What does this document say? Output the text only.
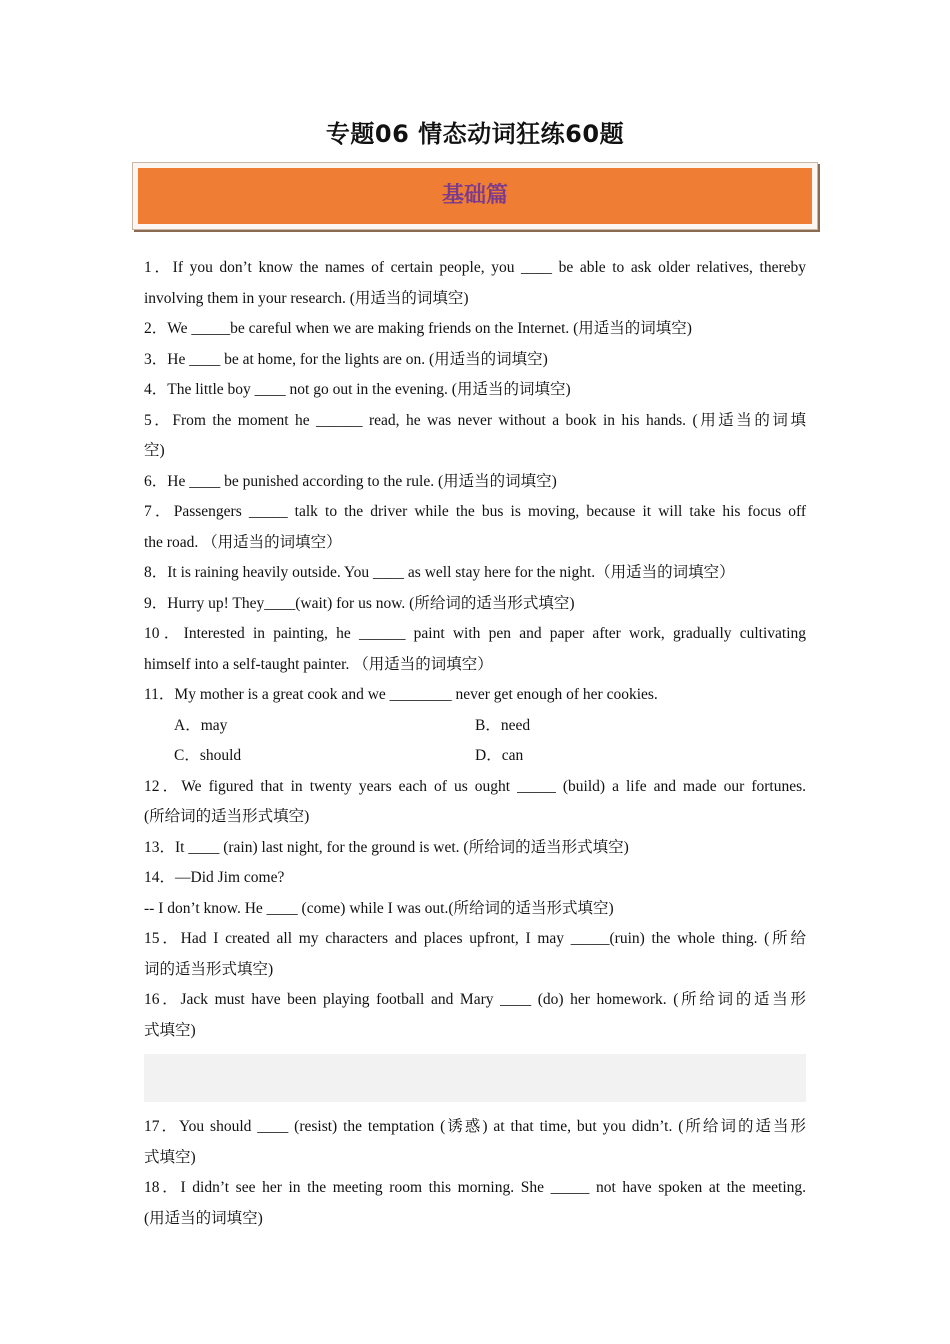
专题06 情态动词狂练60题
基础篇
1．If you don’t know the names of certain people, you ____ be able to ask older relatives, thereby
involving them in your research. (用适当的词填空)
2．We _____be careful when we are making friends on the Internet. (用适当的词填空)
3．He ____ be at home, for the lights are on. (用适当的词填空)
4．The little boy ____ not go out in the evening. (用适当的词填空)
5．From the moment he ______ read, he was never without a book in his hands. (用适当的词填
空)
6．He ____ be punished according to the rule. (用适当的词填空)
7．Passengers _____ talk to the driver while the bus is moving, because it will take his focus off
the road. （用适当的词填空）
8．It is raining heavily outside. You ____ as well stay here for the night.（用适当的词填空）
9．Hurry up! They____(wait) for us now. (所给词的适当形式填空)
10．Interested in painting, he ______ paint with pen and paper after work, gradually cultivating
himself into a self-taught painter. （用适当的词填空）
11．My mother is a great cook and we ________ never get enough of her cookies.
A．may	B．need
C．should	D．can
12．We figured that in twenty years each of us ought _____ (build) a life and made our fortunes.
(所给词的适当形式填空)
13．It ____ (rain) last night, for the ground is wet. (所给词的适当形式填空)
14．—Did Jim come?
-- I don’t know. He ____ (come) while I was out.(所给词的适当形式填空)
15．Had I created all my characters and places upfront, I may _____(ruin) the whole thing. (所给
词的适当形式填空)
16．Jack must have been playing football and Mary ____ (do) her homework. (所给词的适当形
式填空)
17．You should ____ (resist) the temptation (诱惑) at that time, but you didn’t. (所给词的适当形
式填空)
18．I didn’t see her in the meeting room this morning. She _____ not have spoken at the meeting.
(用适当的词填空)
